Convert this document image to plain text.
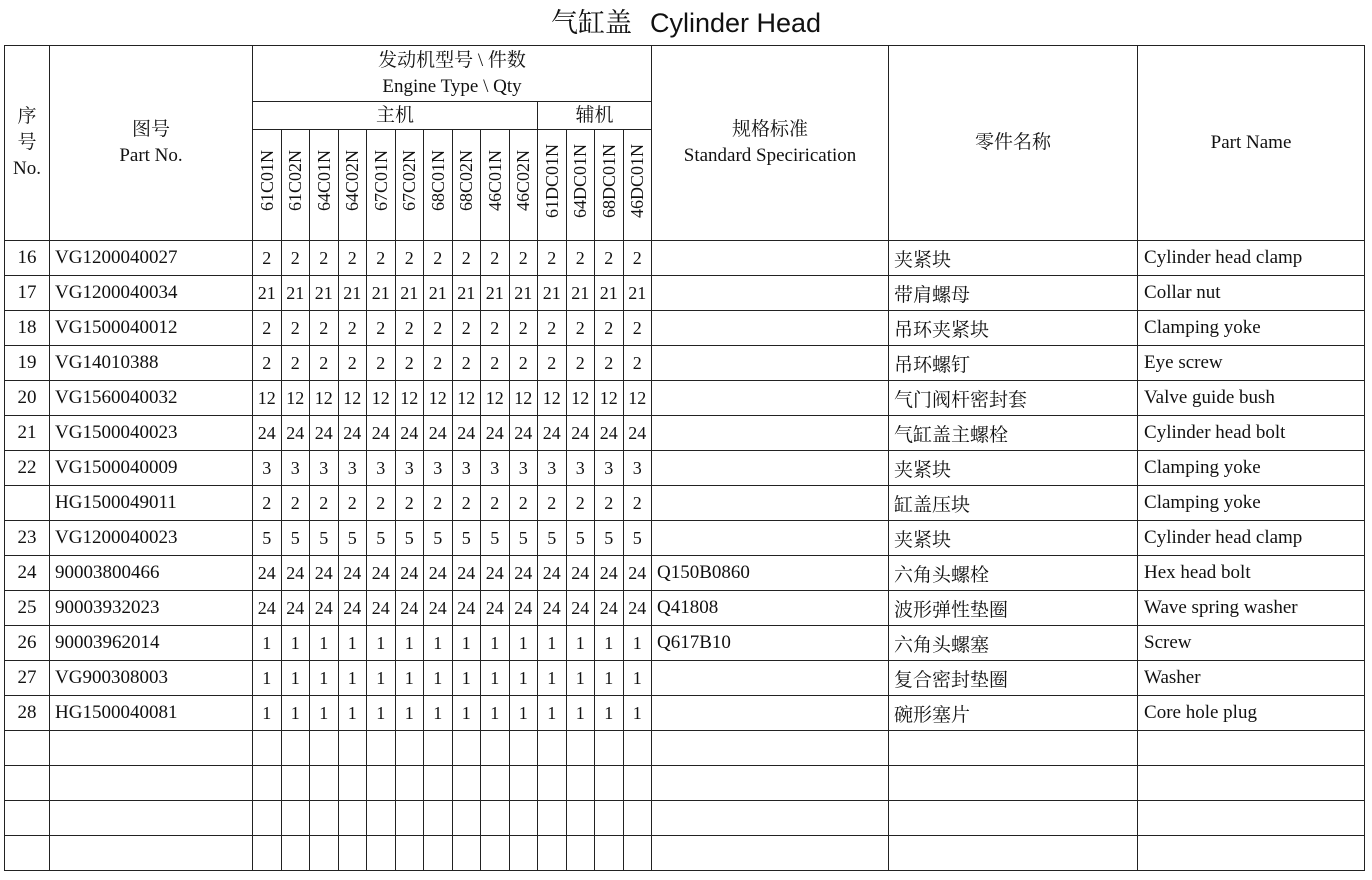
气缸盖 Cylinder Head
序
号
No.	图号
Part No.	发动机型号 \ 件数
Engine Type \ Qty														规格标准
Standard Specirication	零件名称	Part Name
		主机										辅机						
		61C01N	61C02N	64C01N	64C02N	67C01N	67C02N	68C01N	68C02N	46C01N	46C02N	61DC01N	64DC01N	68DC01N	46DC01N			
16	VG1200040027	2	2	2	2	2	2	2	2	2	2	2	2	2	2		夹紧块	Cylinder head clamp
17	VG1200040034	21	21	21	21	21	21	21	21	21	21	21	21	21	21		带肩螺母	Collar nut
18	VG1500040012	2	2	2	2	2	2	2	2	2	2	2	2	2	2		吊环夹紧块	Clamping yoke
19	VG14010388	2	2	2	2	2	2	2	2	2	2	2	2	2	2		吊环螺钉	Eye screw
20	VG1560040032	12	12	12	12	12	12	12	12	12	12	12	12	12	12		气门阀杆密封套	Valve guide bush
21	VG1500040023	24	24	24	24	24	24	24	24	24	24	24	24	24	24		气缸盖主螺栓	Cylinder head bolt
22	VG1500040009	3	3	3	3	3	3	3	3	3	3	3	3	3	3		夹紧块	Clamping yoke
	HG1500049011	2	2	2	2	2	2	2	2	2	2	2	2	2	2		缸盖压块	Clamping yoke
23	VG1200040023	5	5	5	5	5	5	5	5	5	5	5	5	5	5		夹紧块	Cylinder head clamp
24	90003800466	24	24	24	24	24	24	24	24	24	24	24	24	24	24	Q150B0860	六角头螺栓	Hex head bolt
25	90003932023	24	24	24	24	24	24	24	24	24	24	24	24	24	24	Q41808	波形弹性垫圈	Wave spring washer
26	90003962014	1	1	1	1	1	1	1	1	1	1	1	1	1	1	Q617B10	六角头螺塞	Screw
27	VG900308003	1	1	1	1	1	1	1	1	1	1	1	1	1	1		复合密封垫圈	Washer
28	HG1500040081	1	1	1	1	1	1	1	1	1	1	1	1	1	1		碗形塞片	Core hole plug
